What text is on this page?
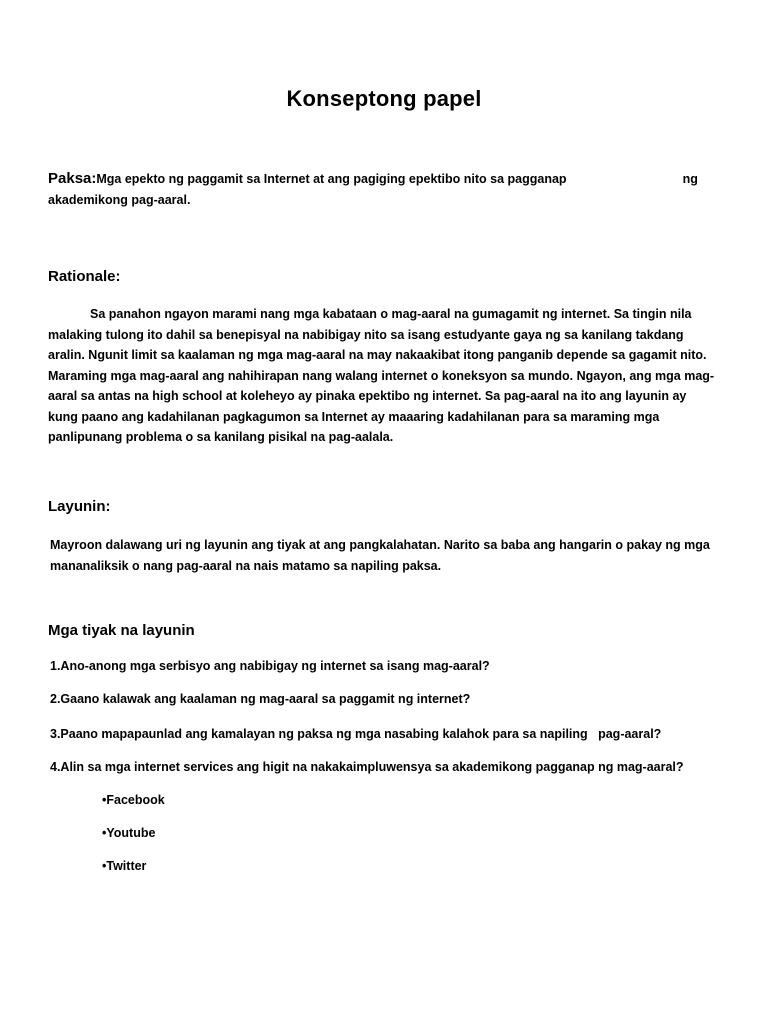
Konseptong papel
Paksa:Mga epekto ng paggamit sa Internet at ang pagiging epektibo nito sa pagganap	ng
akademikong pag-aaral.
Rationale:
Sa panahon ngayon marami nang mga kabataan o mag-aaral na gumagamit ng internet. Sa tingin nila malaking tulong ito dahil sa benepisyal na nabibigay nito sa isang estudyante gaya ng sa kanilang takdang aralin. Ngunit limit sa kaalaman ng mga mag-aaral na may nakaakibat itong panganib depende sa gagamit nito. Maraming mga mag-aaral ang nahihirapan nang walang internet o koneksyon sa mundo. Ngayon, ang mga mag-aaral sa antas na high school at koleheyo ay pinaka epektibo ng internet. Sa pag-aaral na ito ang layunin ay kung paano ang kadahilanan pagkagumon sa Internet ay maaaring kadahilanan para sa maraming mga panlipunang problema o sa kanilang pisikal na pag-aalala.
Layunin:
Mayroon dalawang uri ng layunin ang tiyak at ang pangkalahatan. Narito sa baba ang hangarin o pakay ng mga mananaliksik o nang pag-aaral na nais matamo sa napiling paksa.
Mga tiyak na layunin
1.Ano-anong mga serbisyo ang nabibigay ng internet sa isang mag-aaral?
2.Gaano kalawak ang kaalaman ng mag-aaral sa paggamit ng internet?
3.Paano mapapaunlad ang kamalayan ng paksa ng mga nasabing kalahok para sa napiling   pag-aaral?
4.Alin sa mga internet services ang higit na nakakaimpluwensya sa akademikong pagganap ng mag-aaral?
•Facebook
•Youtube
•Twitter
